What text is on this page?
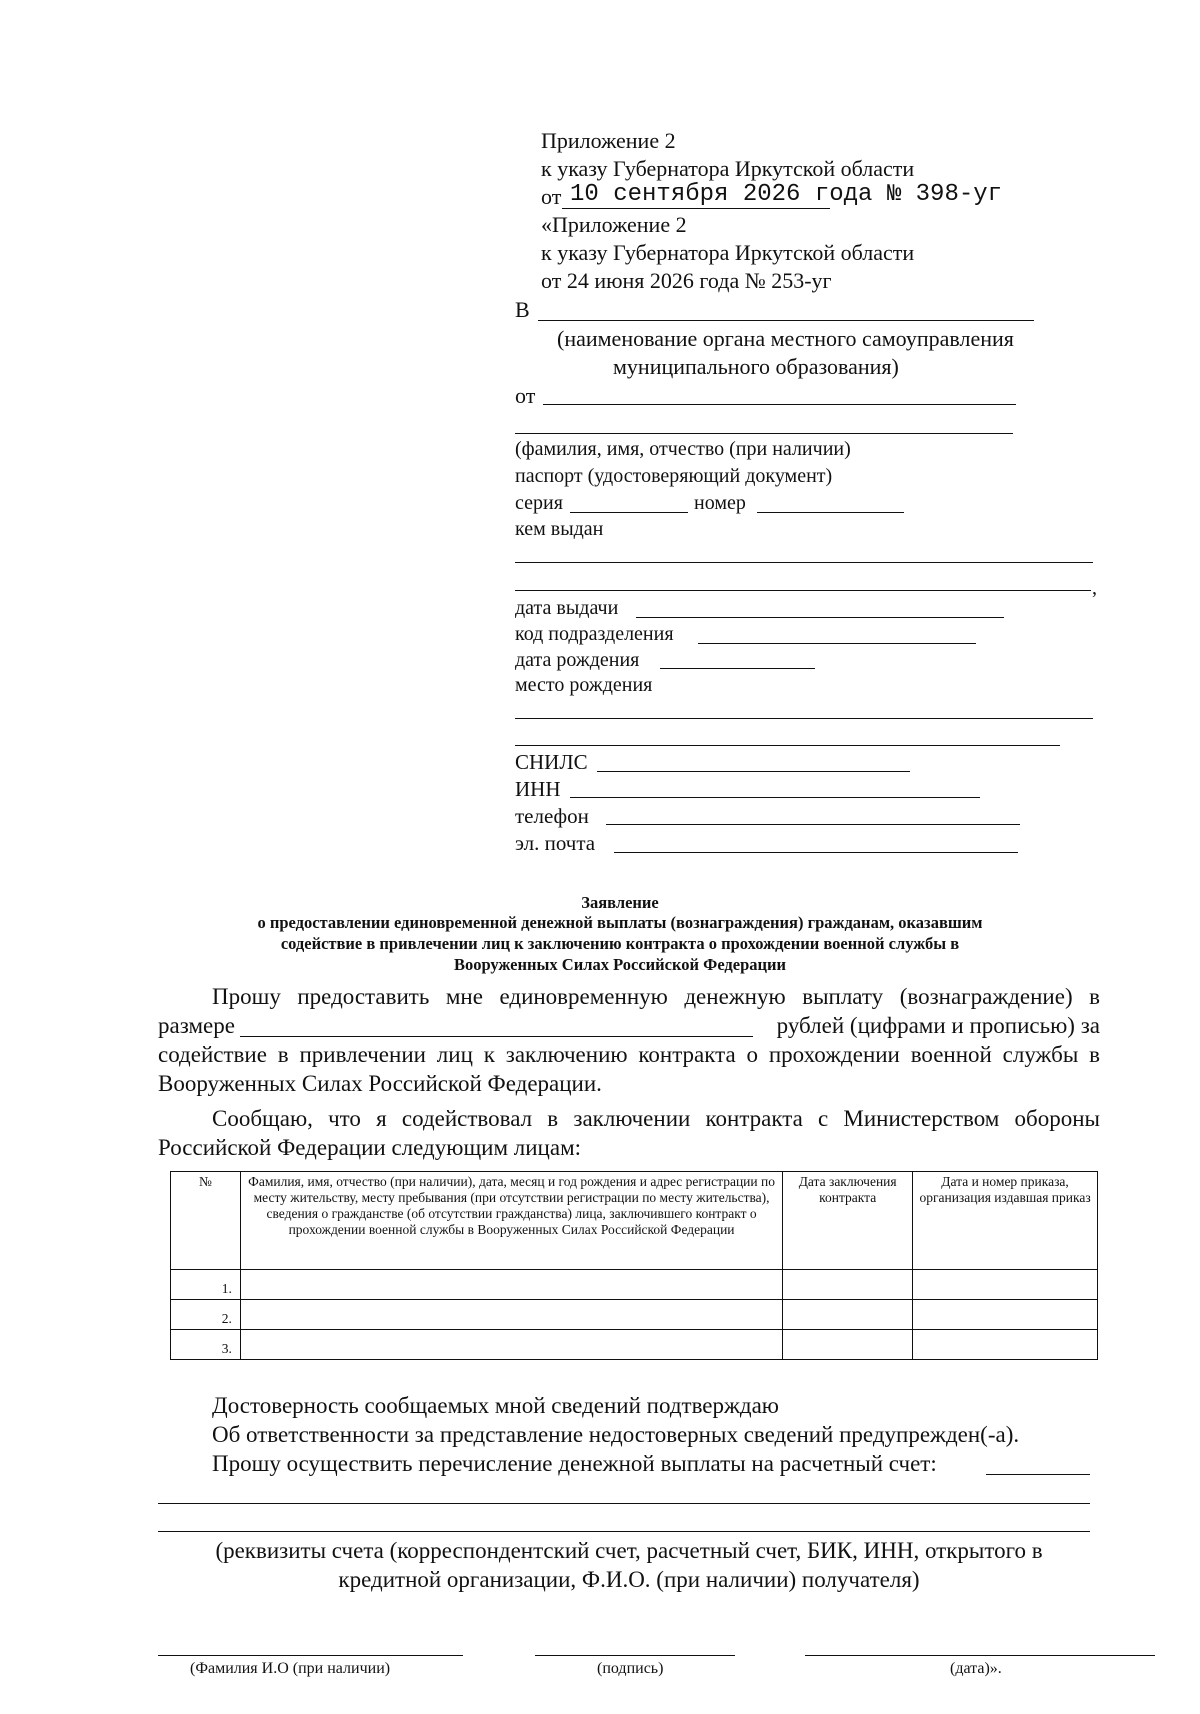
Приложение 2
к указу Губернатора Иркутской области
от 10 сентября 2026 года № 398-уг
«Приложение 2
к указу Губернатора Иркутской области
от 24 июня 2026 года № 253-уг
В
(наименование органа местного самоуправления
муниципального образования)
от
(фамилия, имя, отчество (при наличии)
паспорт (удостоверяющий документ)
серия	номер
кем выдан
,
дата выдачи
код подразделения
дата рождения
место рождения
СНИЛС
ИНН
телефон
эл. почта
Заявление
о предоставлении единовременной денежной выплаты (вознаграждения) гражданам, оказавшим
содействие в привлечении лиц к заключению контракта о прохождении военной службы в
Вооруженных Силах Российской Федерации
Прошу предоставить мне единовременную денежную выплату (вознаграждение) в
размере	рублей (цифрами и прописью) за
содействие в привлечении лиц к заключению контракта о прохождении военной службы в
Вооруженных Силах Российской Федерации.
Сообщаю, что я содействовал в заключении контракта с Министерством обороны
Российской Федерации следующим лицам:
№	Фамилия, имя, отчество (при наличии), дата, месяц и год рождения и адрес регистрации по месту жительству, месту пребывания (при отсутствии регистрации по месту жительства), сведения о гражданстве (об отсутствии гражданства) лица, заключившего контракт о прохождении военной службы в Вооруженных Силах Российской Федерации	Дата заключения контракта	Дата и номер приказа, организация издавшая приказ
1.			
2.			
3.			
Достоверность сообщаемых мной сведений подтверждаю
Об ответственности за представление недостоверных сведений предупрежден(-а).
Прошу осуществить перечисление денежной выплаты на расчетный счет:
(реквизиты счета (корреспондентский счет, расчетный счет, БИК, ИНН, открытого в
кредитной организации, Ф.И.О. (при наличии) получателя)
(Фамилия И.О (при наличии)	(подпись)	(дата)».
